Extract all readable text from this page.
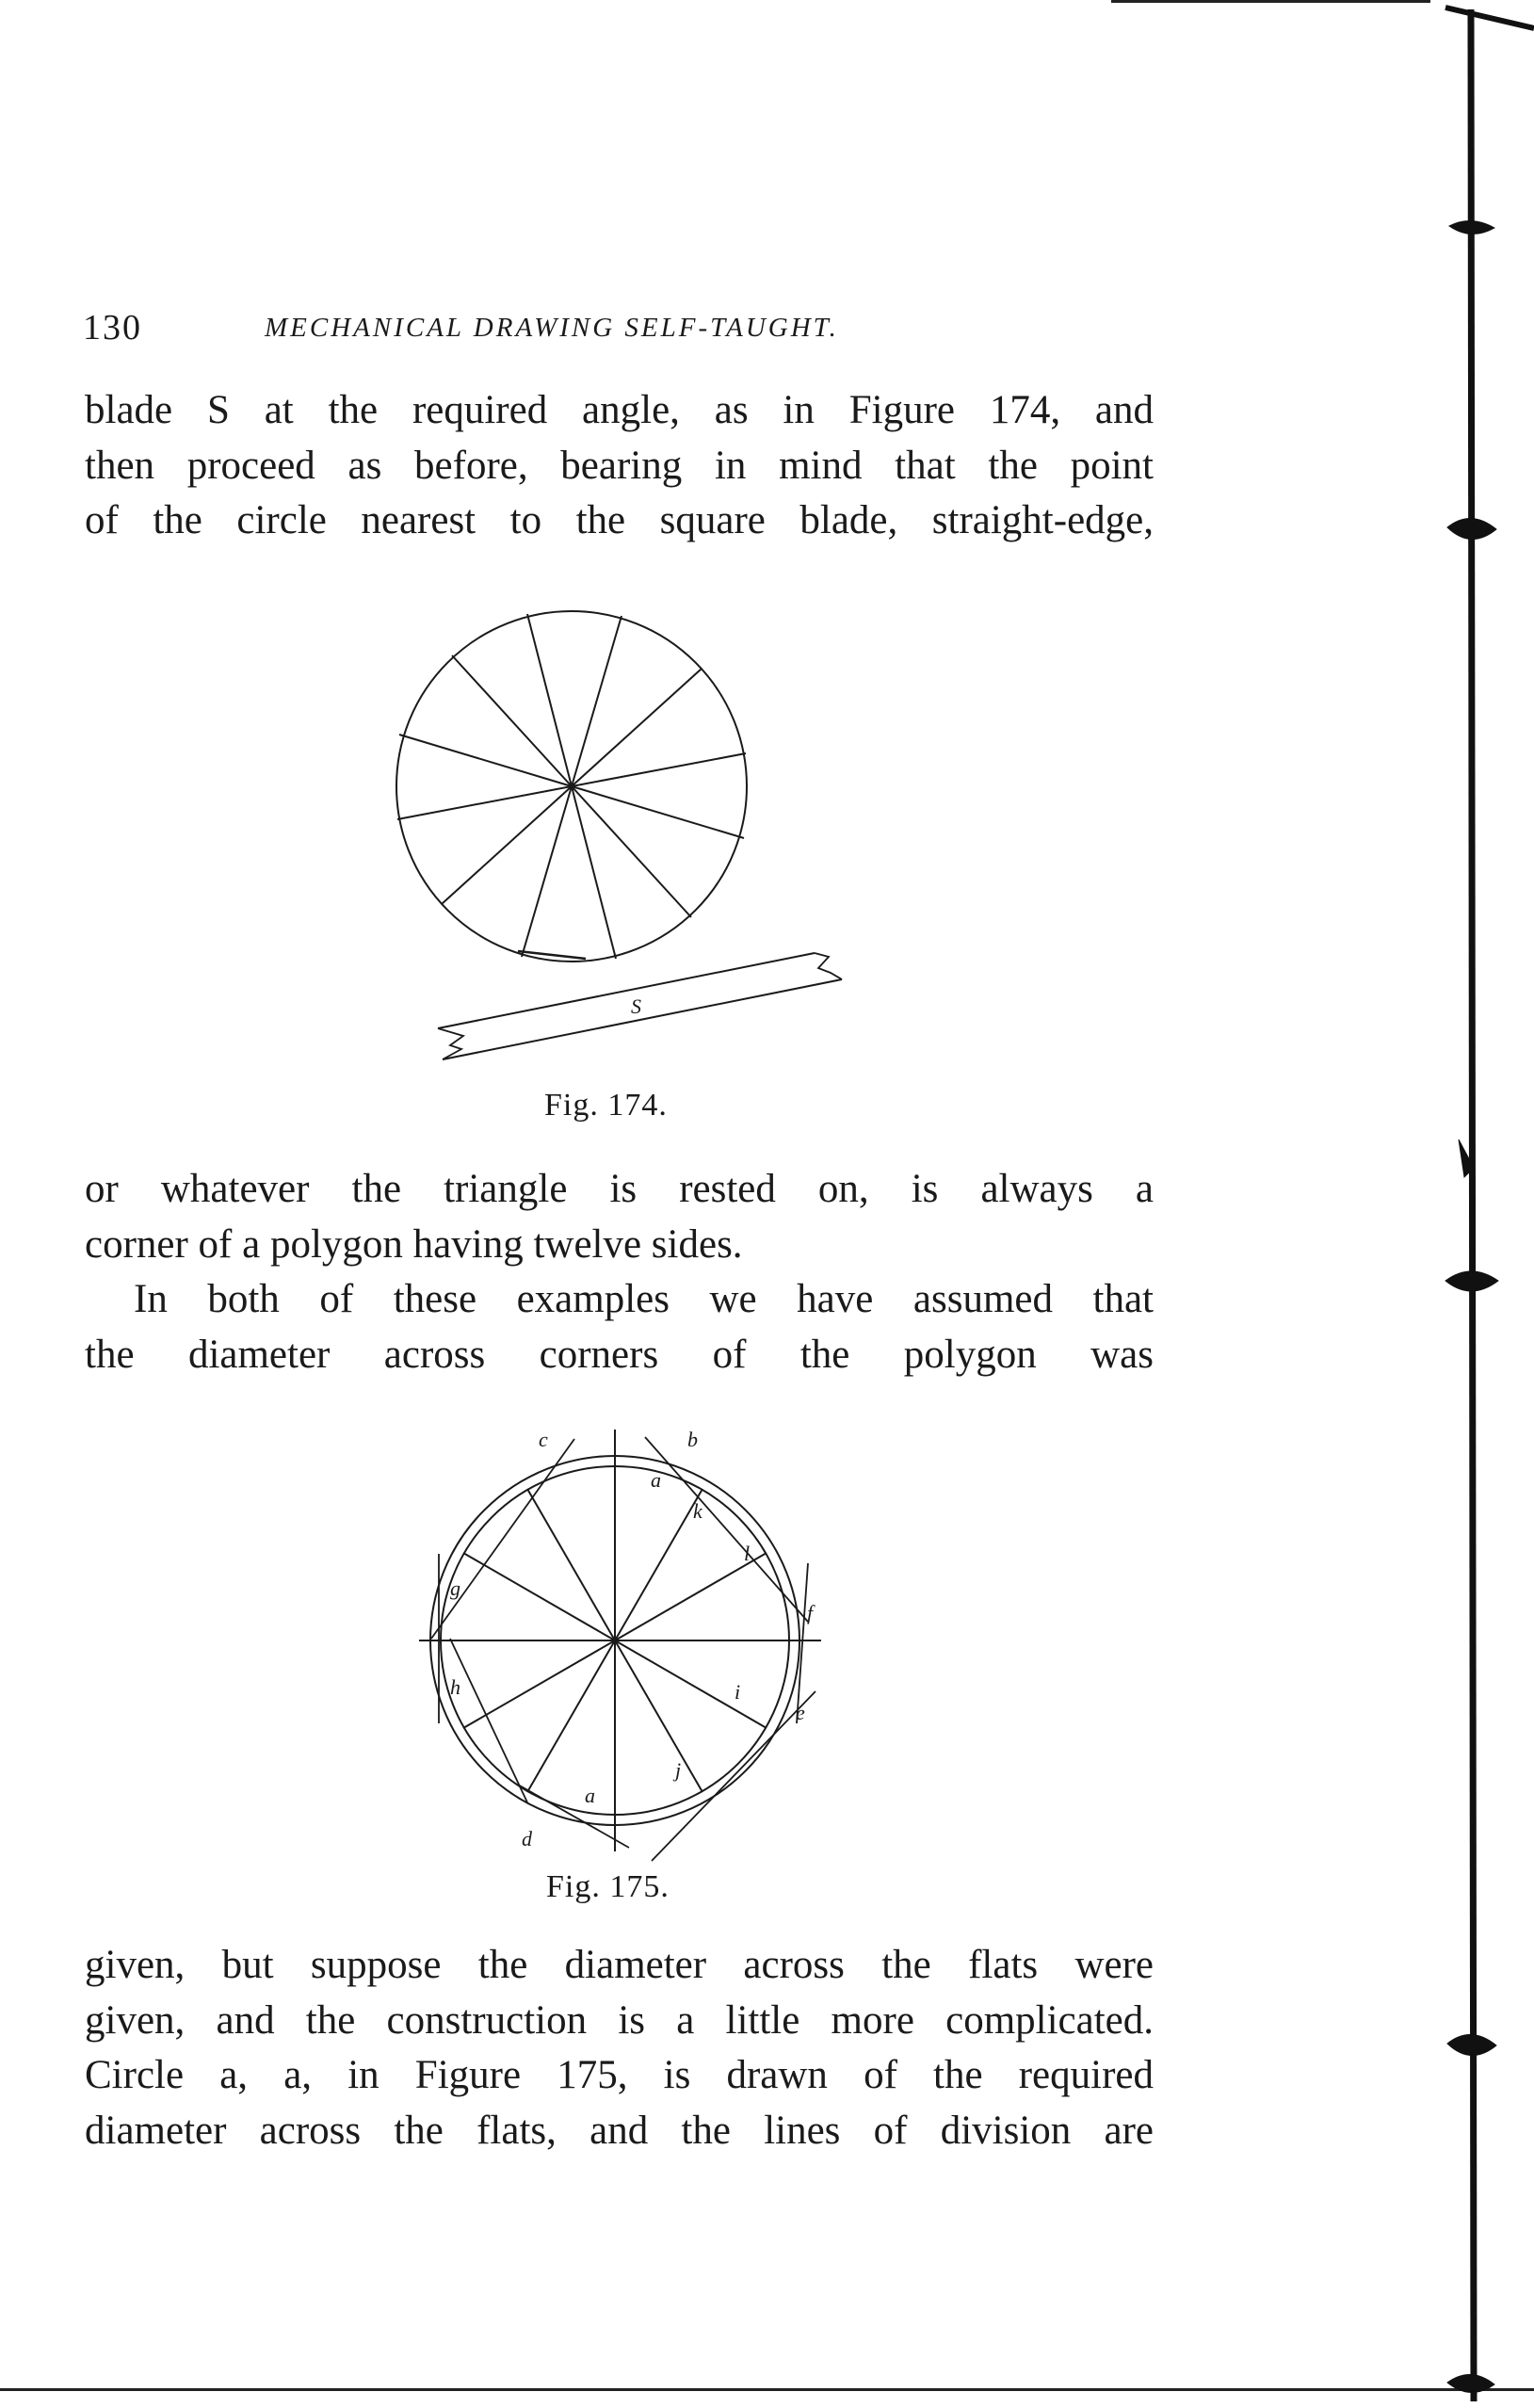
130	MECHANICAL DRAWING SELF-TAUGHT.

blade S at the required angle, as in Figure 174, and
then proceed as before, bearing in mind that the point
of the circle nearest to the square blade, straight-edge,

S
Fig. 174.

or whatever the triangle is rested on, is always a
corner of a polygon having twelve sides.

In both of these examples we have assumed that
the diameter across corners of the polygon was

c	b
a
k
l
g
f
h	i
e
j
a
d
Fig. 175.

given, but suppose the diameter across the flats were
given, and the construction is a little more complicated.
Circle a, a, in Figure 175, is drawn of the required
diameter across the flats, and the lines of division are
